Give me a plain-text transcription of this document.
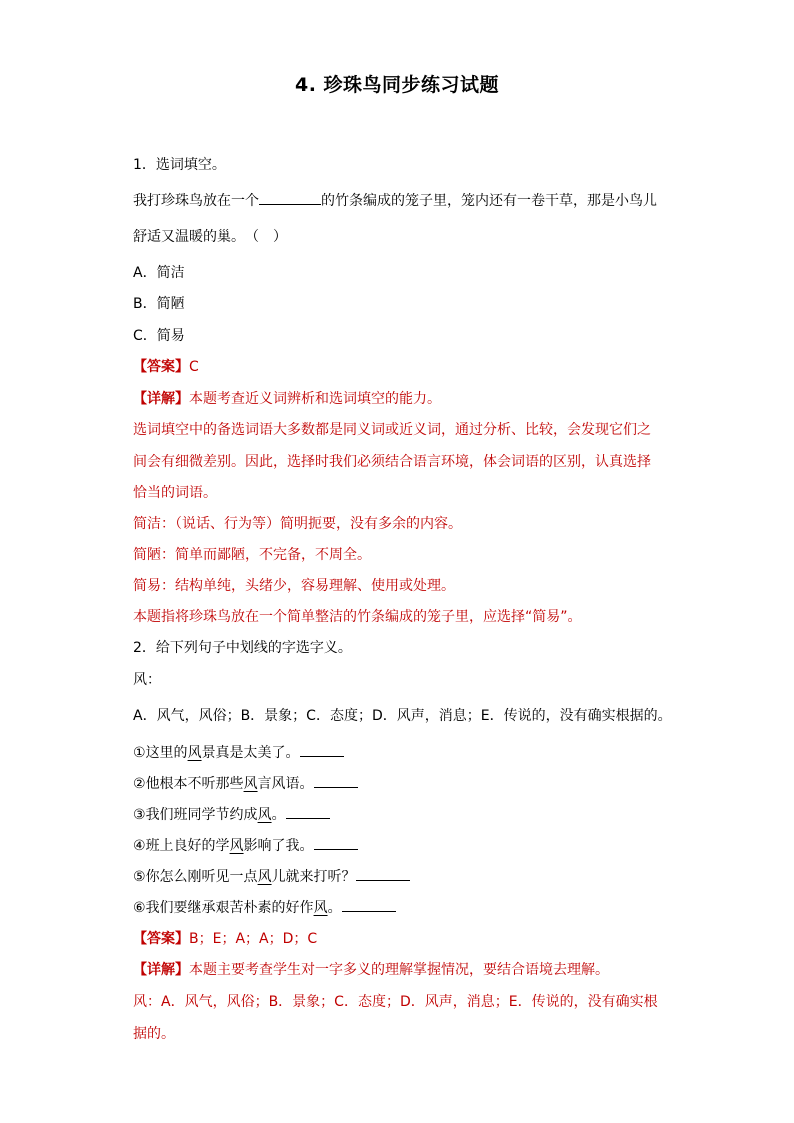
4. 珍珠鸟同步练习试题
1．选词填空。
我打珍珠鸟放在一个	的竹条编成的笼子里，笼内还有一卷干草，那是小鸟儿
舒适又温暖的巢。　（　）
A．简洁
B．简陋
C．简易
【答案】C
【详解】本题考查近义词辨析和选词填空的能力。
选词填空中的备选词语大多数都是同义词或近义词，通过分析、比较，会发现它们之
间会有细微差别。因此，选择时我们必须结合语言环境，体会词语的区别，认真选择
恰当的词语。
简洁：（说话、行为等）简明扼要，没有多余的内容。
简陋：简单而鄙陋，不完备，不周全。
简易：结构单纯，头绪少，容易理解、使用或处理。
本题指将珍珠鸟放在一个简单整洁的竹条编成的笼子里，应选择“简易”。
2．给下列句子中划线的字选字义。
风：
A．风气，风俗；B．景象；C．态度；D．风声，消息；E．传说的，没有确实根据的。
①这里的风景真是太美了。
②他根本不听那些风言风语。
③我们班同学节约成风。
④班上良好的学风影响了我。
⑤你怎么刚听见一点风儿就来打听？
⑥我们要继承艰苦朴素的好作风。
【答案】B；E；A；A；D；C
【详解】本题主要考查学生对一字多义的理解掌握情况，要结合语境去理解。
风：A．风气，风俗；B．景象；C．态度；D．风声，消息；E．传说的，没有确实根
据的。
